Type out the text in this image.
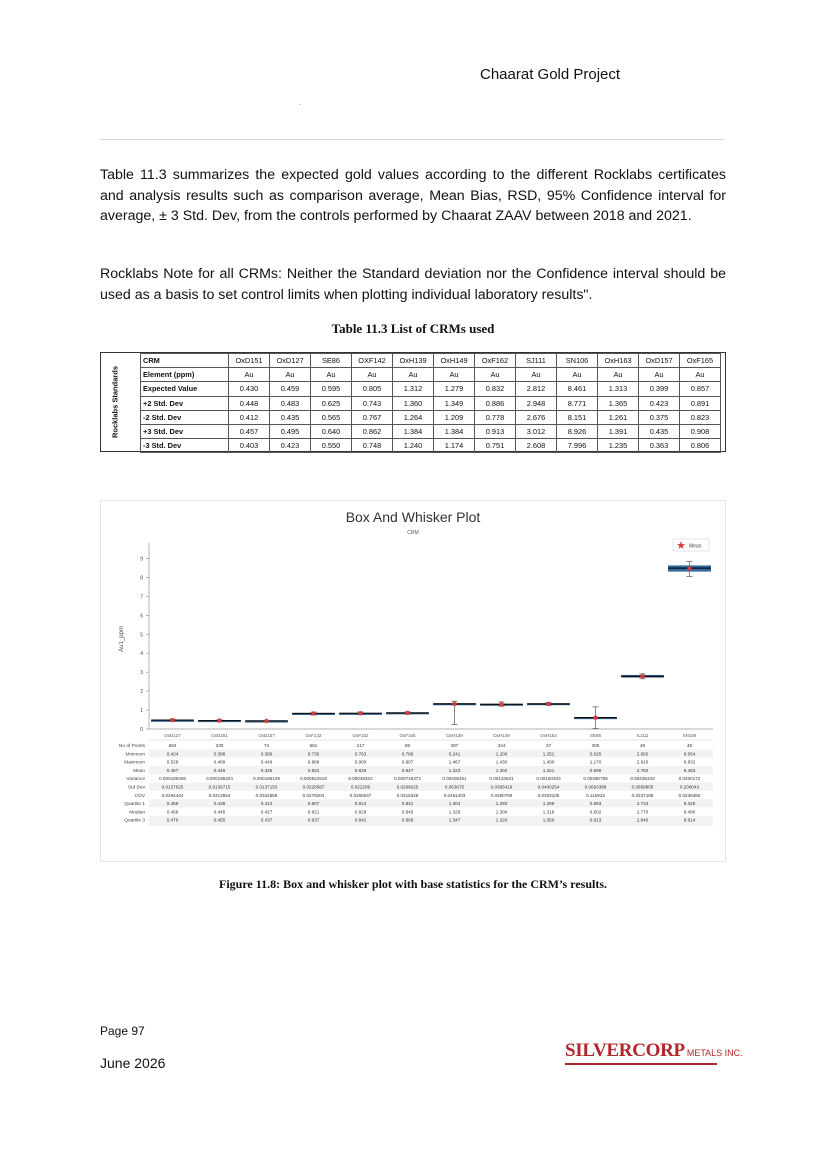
Chaarat Gold Project
.
Table 11.3 summarizes the expected gold values according to the different Rocklabs certificates and analysis results such as comparison average, Mean Bias, RSD, 95% Confidence interval for average, ± 3 Std. Dev, from the controls performed by Chaarat ZAAV between 2018 and 2021.
Rocklabs Note for all CRMs: Neither the Standard deviation nor the Confidence interval should be used as a basis to set control limits when plotting individual laboratory results".
Table 11.3 List of CRMs used
Rocklabs Standards
CRM	OxD151	OxD127	SE86	OXF142	OxH139	OxH149	OxF162	SJ111	SN106	OxH163	OxD157	OxF165
Element (ppm)	Au	Au	Au	Au	Au	Au	Au	Au	Au	Au	Au	Au
Expected Value	0.430	0.459	0.595	0.805	1.312	1.279	0.832	2.812	8.461	1.313	0.399	0.857
+2 Std. Dev	0.448	0.483	0.625	0.743	1.360	1.349	0.886	2.948	8.771	1.365	0.423	0.891
-2 Std. Dev	0.412	0.435	0.565	0.767	1.264	1.209	0.778	2.676	8.151	1.261	0.375	0.823
+3 Std. Dev	0.457	0.495	0.640	0.862	1.384	1.384	0.913	3.012	8.926	1.391	0.435	0.908
-3 Std. Dev	0.403	0.423	0.550	0.748	1.240	1.174	0.751	2.608	7.996	1.235	0.363	0.806
Box And Whisker Plot
CRM
0
1
2
3
4
5
6
7
8
9
Au1_ppm
★ Mean
OxD127	OxD151	OxD157	OxF142	OxF162	OxF165	OxH139	OxH149	OxH163	SE86	SJ111	SN106
No of Points	584	230	74	581	217	89	387	344	37	300	49	48
Minimum	0.424	0.398	0.386	0.735	0.763	0.786	0.241	1.200	1.251	0.025	2.650	8.054
Maximum	0.528	0.489	0.449	0.889	0.900	0.907	1.467	1.430	1.400	1.170	2.910	8.832
Mean	0.467	0.446	0.425	0.822	0.829	0.847	1.323	1.302	1.321	0.598	2.782	8.463
Variance	0.000189406	0.000195204	0.000188109	0.000522519	0.00049324	0.000718372	0.00405451	0.00133531	0.00160203	0.00480788	0.00435343	0.0400172
Std Dev	0.0137625	0.0139715	0.0137153	0.0228587	0.022209	0.0268025	0.063675	0.0365419	0.0400254	0.0693388	0.0659805	0.200043
COV	0.0294444	0.0313554	0.0322559	0.0278204	0.0268047	0.0316326	0.0481403	0.0280759	0.0303105	0.115915	0.0237188	0.0236382
Quartile 1	0.459	0.436	0.412	0.807	0.814	0.831	1.304	1.280	1.289	0.593	2.734	8.325
Median	0.468	0.445	0.427	0.821	0.828	0.845	1.328	1.300	1.319	0.602	2.770	8.490
Quartile 3	0.476	0.455	0.437	0.837	0.842	0.869	1.347	1.320	1.350	0.613	2.840	8.614
Figure 11.8: Box and whisker plot with base statistics for the CRM’s results.
Page 97
June 2026
SILVERCORP METALS INC.
